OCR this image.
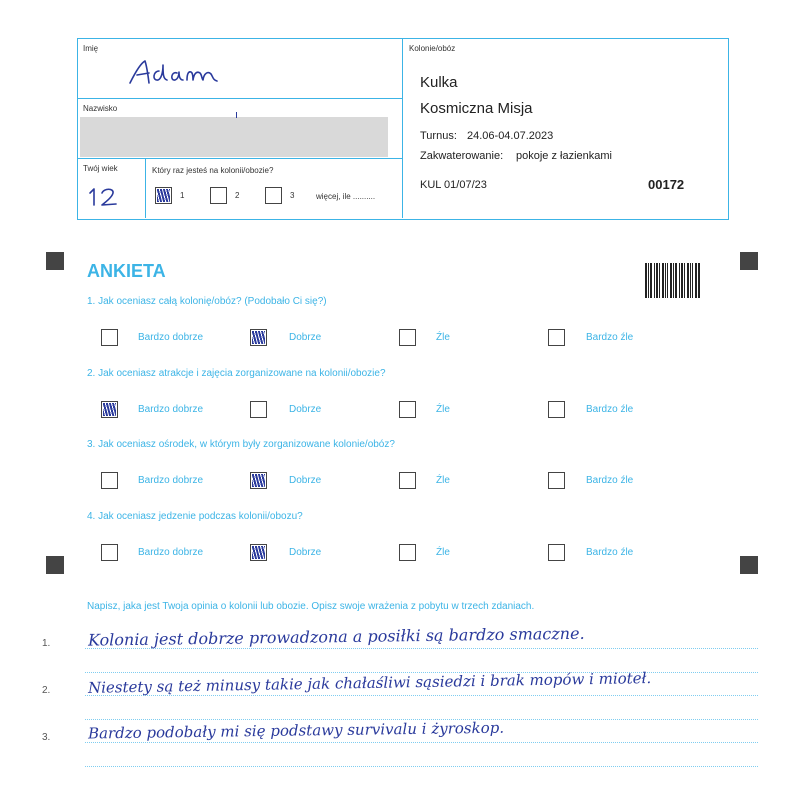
Imię
Nazwisko
Twój wiek	Który raz jesteś na kolonii/obozie?
1	2	3	więcej, ile ..........
Kolonie/obóz
Kulka
Kosmiczna Misja
Turnus: 24.06-04.07.2023
Zakwaterowanie: pokoje z łazienkami
KUL 01/07/23	00172
ANKIETA
1. Jak oceniasz całą kolonię/obóz? (Podobało Ci się?)
Bardzo dobrze	Dobrze	Źle	Bardzo źle
2. Jak oceniasz atrakcje i zajęcia zorganizowane na kolonii/obozie?
Bardzo dobrze	Dobrze	Źle	Bardzo źle
3. Jak oceniasz ośrodek, w którym były zorganizowane kolonie/obóz?
Bardzo dobrze	Dobrze	Źle	Bardzo źle
4. Jak oceniasz jedzenie podczas kolonii/obozu?
Bardzo dobrze	Dobrze	Źle	Bardzo źle
Napisz, jaka jest Twoja opinia o kolonii lub obozie. Opisz swoje wrażenia z pobytu w trzech zdaniach.
1.
2.
3.
Kolonia jest dobrze prowadzona a posiłki są bardzo smaczne.
Niestety są też minusy takie jak chałaśliwi sąsiedzi i brak mopów i mioteł.
Bardzo podobały mi się podstawy survivalu i żyroskop.
